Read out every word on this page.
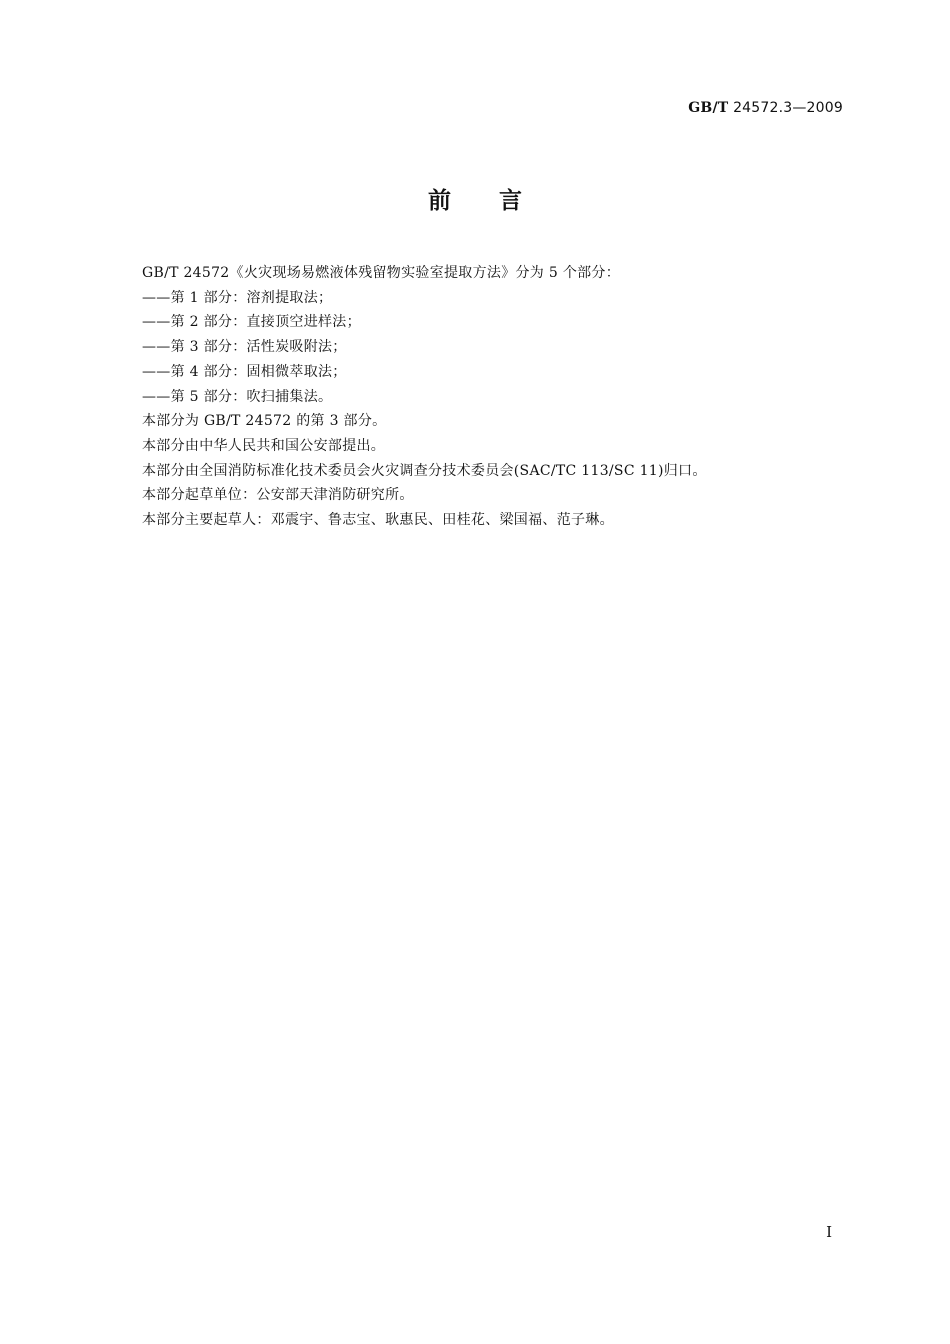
GB/T 24572.3—2009
前言

GB/T 24572《火灾现场易燃液体残留物实验室提取方法》分为 5 个部分：

——第 1 部分：溶剂提取法；

——第 2 部分：直接顶空进样法；

——第 3 部分：活性炭吸附法；

——第 4 部分：固相微萃取法；

——第 5 部分：吹扫捕集法。

本部分为 GB/T 24572 的第 3 部分。

本部分由中华人民共和国公安部提出。

本部分由全国消防标准化技术委员会火灾调查分技术委员会(SAC/TC 113/SC 11)归口。

本部分起草单位：公安部天津消防研究所。

本部分主要起草人：邓震宇、鲁志宝、耿惠民、田桂花、梁国福、范子琳。

I
